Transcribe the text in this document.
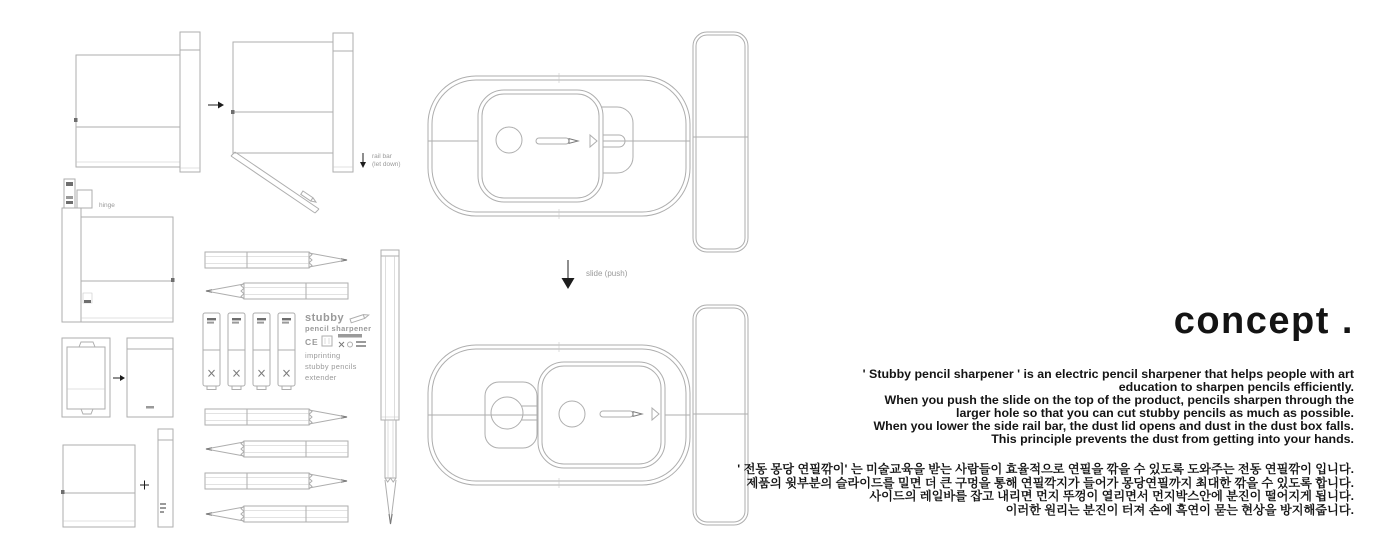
rail bar
(let down)
hinge
stubby
pencil sharpener
CE
imprinting
stubby pencils
extender
slide (push)
concept .
' Stubby pencil sharpener ' is an electric pencil sharpener that helps people with art
education to sharpen pencils efficiently.
When you push the slide on the top of the product, pencils sharpen through the
larger hole so that you can cut stubby pencils as much as possible.
When you lower the side rail bar, the dust lid opens and dust in the dust box falls.
This principle prevents the dust from getting into your hands.
' 전동 몽당 연필깎이' 는 미술교육을 받는 사람들이 효율적으로 연필을 깎을 수 있도록 도와주는 전동 연필깎이 입니다.
제품의 윗부분의 슬라이드를 밀면 더 큰 구멍을 통해 연필깍지가 들어가 몽당연필까지 최대한 깎을 수 있도록 합니다.
사이드의 레일바를 잡고 내리면 먼지 뚜껑이 열리면서 먼지박스안에 분진이 떨어지게 됩니다.
이러한 원리는 분진이 터져 손에 흑연이 묻는 현상을 방지해줍니다.
